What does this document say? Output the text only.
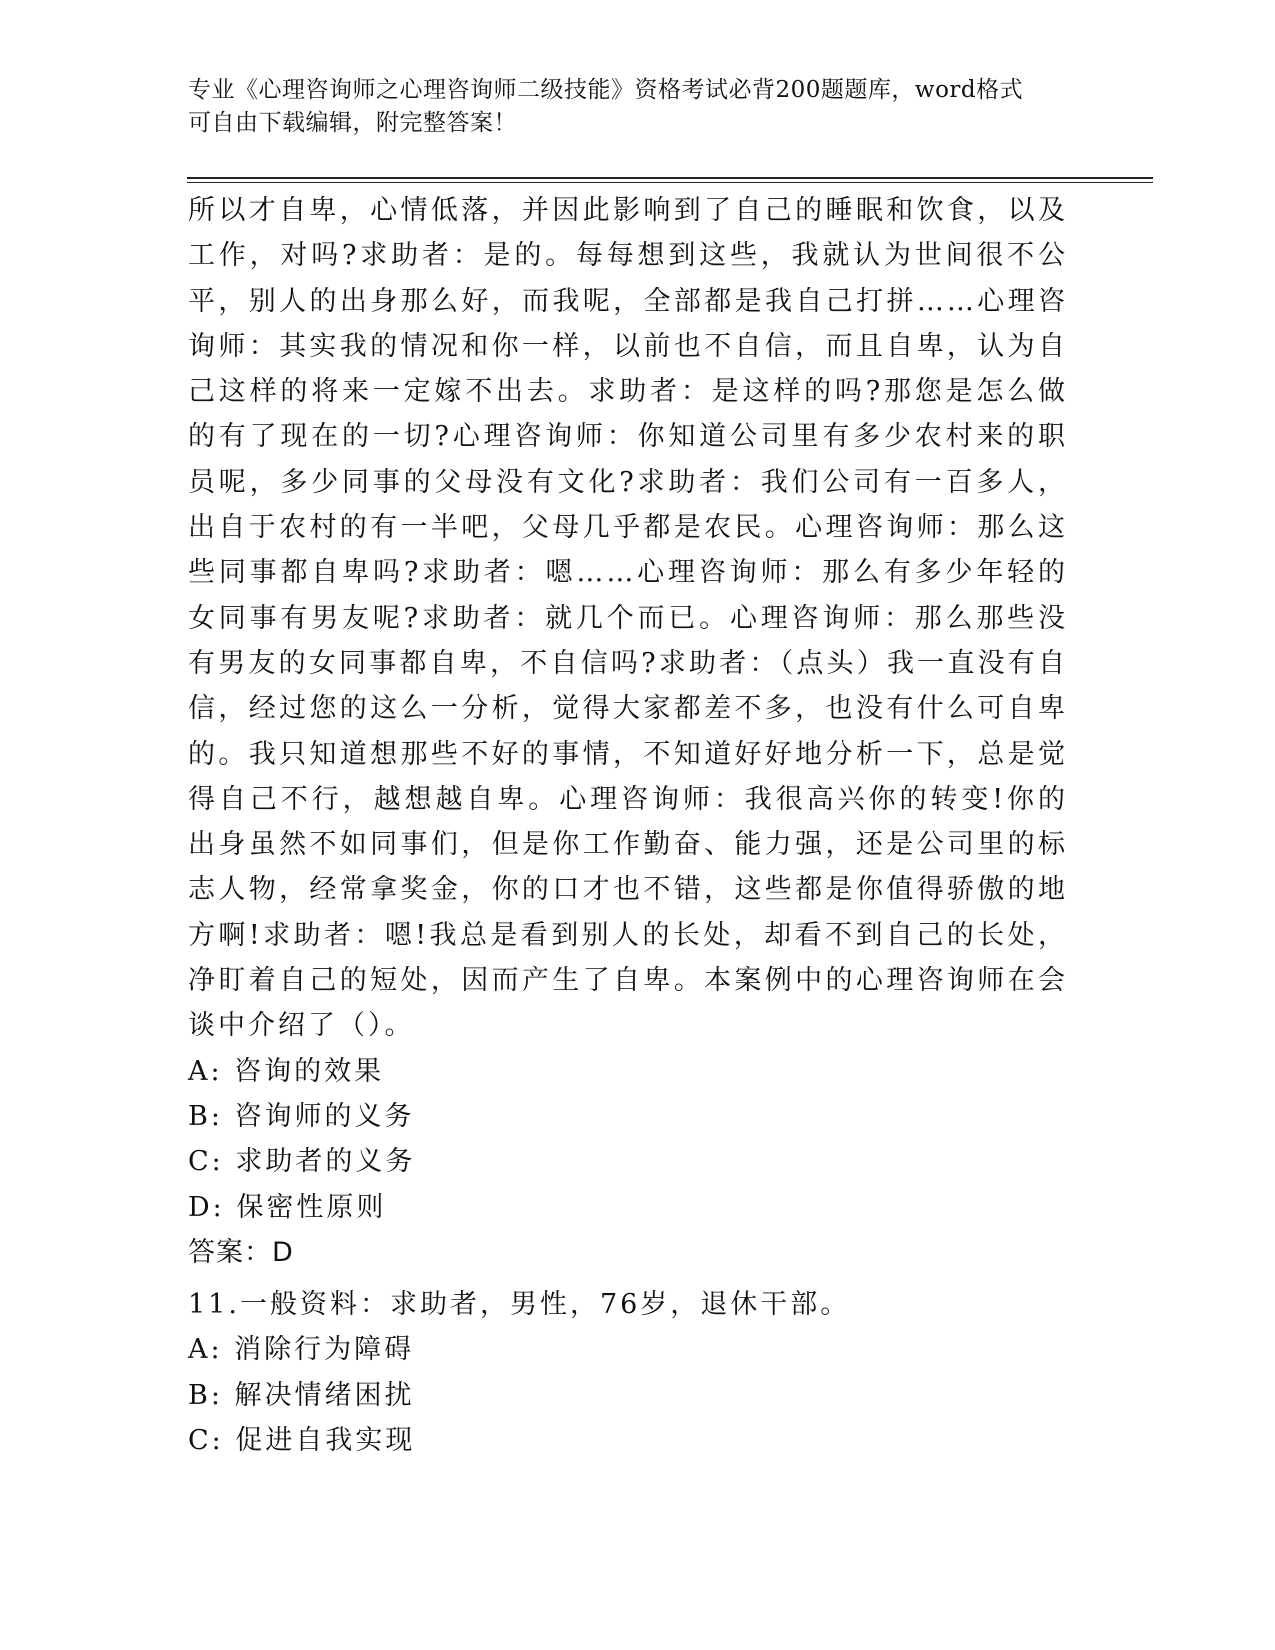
专业《心理咨询师之心理咨询师二级技能》资格考试必背200题题库，word格式
可自由下载编辑，附完整答案！

所以才自卑，心情低落，并因此影响到了自己的睡眠和饮食，以及工作，对吗?求助者：是的。每每想到这些，我就认为世间很不公平，别人的出身那么好，而我呢，全部都是我自己打拼……心理咨询师：其实我的情况和你一样，以前也不自信，而且自卑，认为自己这样的将来一定嫁不出去。求助者：是这样的吗?那您是怎么做的有了现在的一切?心理咨询师：你知道公司里有多少农村来的职员呢，多少同事的父母没有文化?求助者：我们公司有一百多人，出自于农村的有一半吧，父母几乎都是农民。心理咨询师：那么这些同事都自卑吗?求助者：嗯……心理咨询师：那么有多少年轻的女同事有男友呢?求助者：就几个而已。心理咨询师：那么那些没有男友的女同事都自卑，不自信吗?求助者：（点头）我一直没有自信，经过您的这么一分析，觉得大家都差不多，也没有什么可自卑的。我只知道想那些不好的事情，不知道好好地分析一下，总是觉得自己不行，越想越自卑。心理咨询师：我很高兴你的转变!你的出身虽然不如同事们，但是你工作勤奋、能力强，还是公司里的标志人物，经常拿奖金，你的口才也不错，这些都是你值得骄傲的地方啊!求助者：嗯!我总是看到别人的长处，却看不到自己的长处，净盯着自己的短处，因而产生了自卑。本案例中的心理咨询师在会谈中介绍了（）。

A: 咨询的效果

B: 咨询师的义务

C: 求助者的义务

D: 保密性原则

答案：D

11.一般资料：求助者，男性，76岁，退休干部。

A: 消除行为障碍

B: 解决情绪困扰

C: 促进自我实现
